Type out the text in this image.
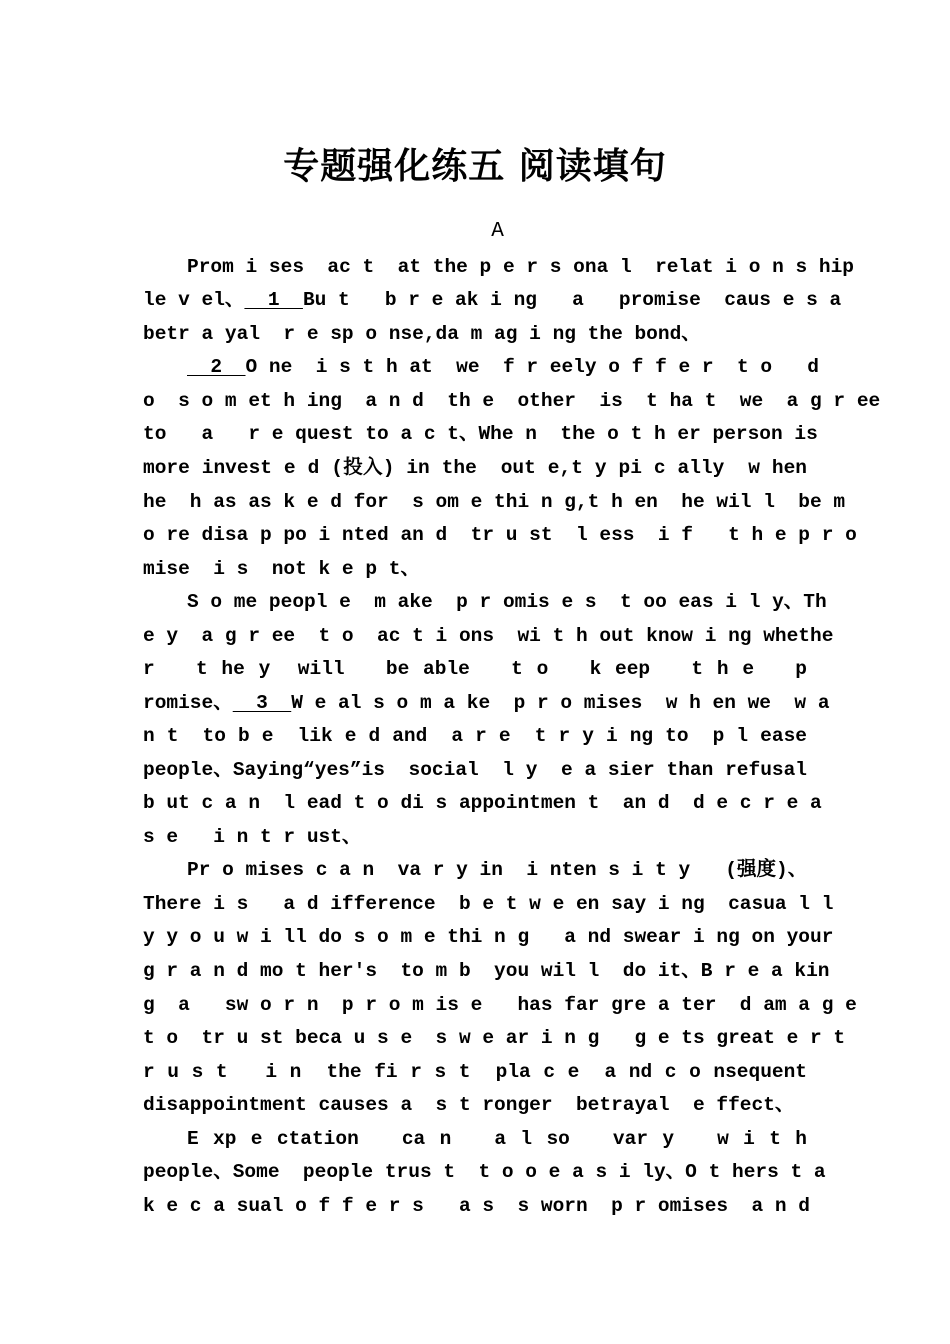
专题强化练五 阅读填句
A
Prom i ses  ac t  at the p e r s ona l  relat i o n s hip
le v el、  1  Bu t   b r e ak i ng   a   promise  caus e s a
betr a yal  r e sp o nse,da m ag i ng the bond、
2  O ne  i s t h at  we  f r eely o f f e r  t o   d
o  s o m et h ing  a n d  th e  other  is  t ha t  we  a g r ee
to   a   r e quest to a c t、Whe n  the o t h er person is
more invest e d (投入) in the  out e,t y pi c ally  w hen
he  h as as k e d for  s om e thi n g,t h en  he wil l  be m
o re disa p po i nted an d  tr u st  l ess  i f   t h e p r o
mise  i s  not k e p t、
S o me peopl e  m ake  p r omis e s  t oo eas i l y、Th
e y  a g r ee  t o  ac t i ons  wi t h out know i ng whethe
r   t he y  will   be able   t o   k eep   t h e   p
romise、  3  W e al s o m a ke  p r o mises  w h en we  w a
n t  to b e  lik e d and  a r e  t r y i ng to  p l ease
people、Saying“yes”is  social  l y  e a sier than refusal
b ut c a n  l ead t o di s appointmen t  an d  d e c r e a
s e   i n t r ust、
Pr o mises c a n  va r y in  i nten s i t y   (强度)、
There i s   a d ifference  b e t w e en say i ng  casua l l
y y o u w i ll do s o m e thi n g   a nd swear i ng on your
g r a n d mo t her's  to m b  you wil l  do it、B r e a kin
g  a   sw o r n  p r o m is e   has far gre a ter  d am a g e
t o  tr u st beca u s e  s w e ar i n g   g e ts great e r t
r u s t   i n  the fi r s t  pla c e  a nd c o nsequent
disappointment causes a  s t ronger  betrayal  e ffect、
E xp e ctation   ca n   a l so   var y   w i t h
people、Some  people trus t  t o o e a s i ly、O t hers t a
k e c a sual o f f e r s   a s  s worn  p r omises  a n d
